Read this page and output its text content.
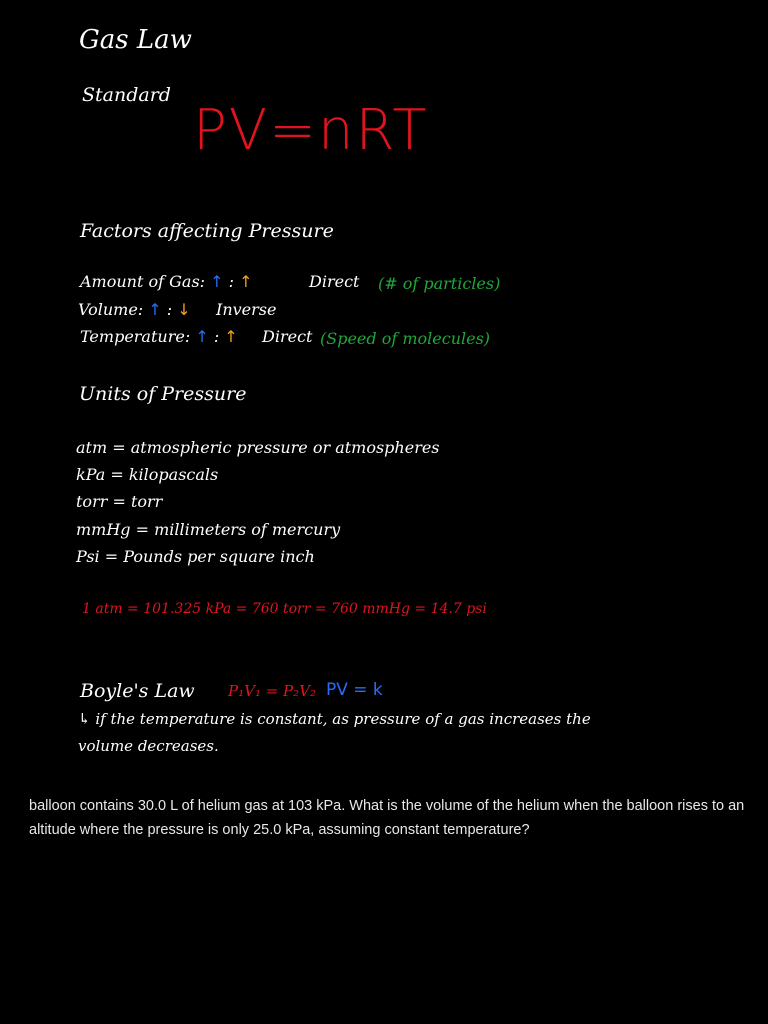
Gas Law
Standard
PV=nRT
Factors affecting Pressure
Amount of Gas: ↑ : ↑	Direct (# of particles)
Volume: ↑ : ↓ Inverse
Temperature: ↑ : ↑ Direct (Speed of molecules)
Units of Pressure
atm = atmospheric pressure or atmospheres
kPa = kilopascals
torr = torr
mmHg = millimeters of mercury
Psi = Pounds per square inch
1 atm = 101.325 kPa = 760 torr = 760 mmHg = 14.7 psi
Boyle's Law P₁V₁ = P₂V₂ PV = k
↳ if the temperature is constant, as pressure of a gas increases the
volume decreases.
balloon contains 30.0 L of helium gas at 103 kPa. What is the volume of the helium when the balloon rises to an altitude where the pressure is only 25.0 kPa, assuming constant temperature?
